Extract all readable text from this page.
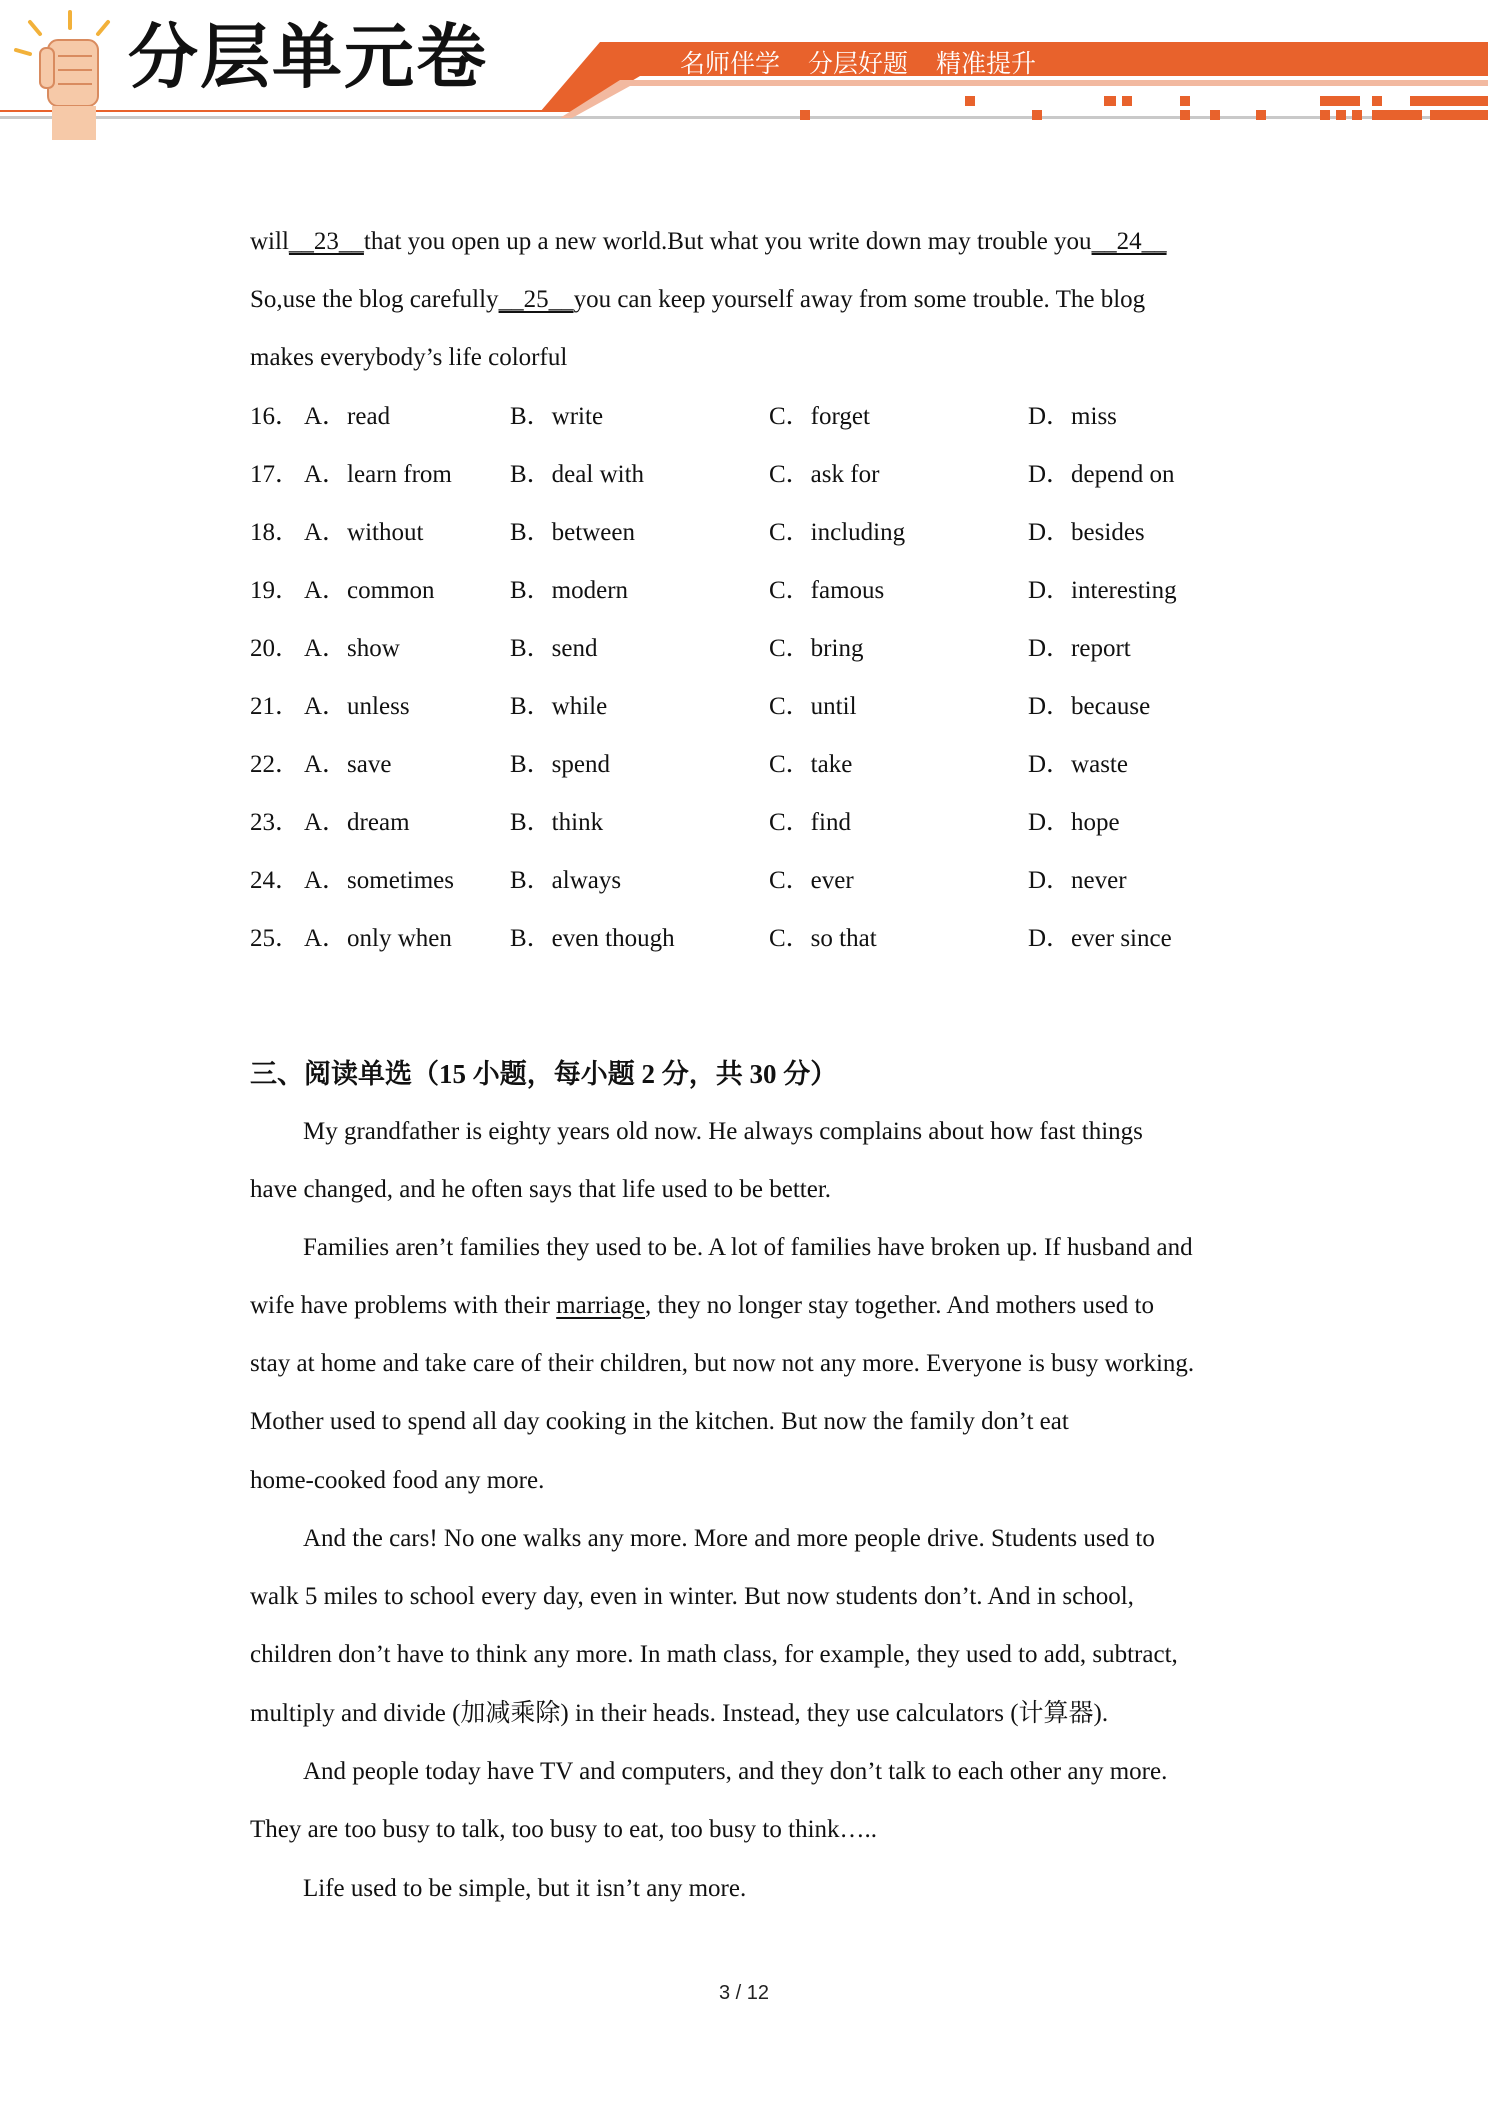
分层单元卷	名师伴学 分层好题 精准提升
will__23__that you open up a new world.But what you write down may trouble you__24__
So,use the blog carefully__25__you can keep yourself away from some trouble. The blog
makes everybody’s life colorful
16． A．read	B．write	C．forget	D．miss
17． A．learn from B．deal with	C．ask for	D．depend on
18． A．without	B．between	C．including	D．besides
19． A．common	B．modern	C．famous	D．interesting
20． A．show	B．send	C．bring	D．report
21． A．unless	B．while	C．until	D．because
22． A．save	B．spend	C．take	D．waste
23． A．dream	B．think	C．find	D．hope
24． A．sometimes B．always	C．ever	D．never
25． A．only when B．even though	C．so that	D．ever since
三、阅读单选（15 小题，每小题 2 分，共 30 分）
My grandfather is eighty years old now. He always complains about how fast things
have changed, and he often says that life used to be better.
Families aren’t families they used to be. A lot of families have broken up. If husband and
wife have problems with their marriage, they no longer stay together. And mothers used to
stay at home and take care of their children, but now not any more. Everyone is busy working.
Mother used to spend all day cooking in the kitchen. But now the family don’t eat
home-cooked food any more.
And the cars! No one walks any more. More and more people drive. Students used to
walk 5 miles to school every day, even in winter. But now students don’t. And in school,
children don’t have to think any more. In math class, for example, they used to add, subtract,
multiply and divide (加减乘除) in their heads. Instead, they use calculators (计算器).
And people today have TV and computers, and they don’t talk to each other any more.
They are too busy to talk, too busy to eat, too busy to think…..
Life used to be simple, but it isn’t any more.
3 / 12
